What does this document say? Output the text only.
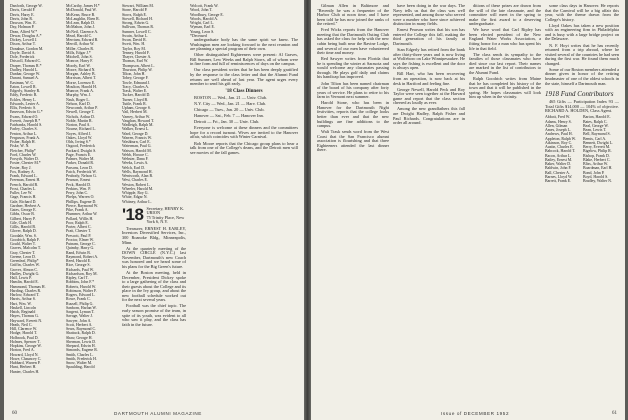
Danforth, George W.
Davis, Gerald F.
Davis, Harry E.
Davis, John R.
Dawson, Wm. E.
Day, Holman P.
Dean, Alfred W.*
Dewar, Douglas A.*
Dickey, Lowell J.
Dixon, Arthur T.
Donahue, Gordon M.
Doyle, David A.
Dole, Frederick
Driscoll, Edward C.
Draper, Thomas R.*
Dudley, Harold L.
Dunbar, George W.
Durant, Samuel A.
Eastman, W. C.
Eaton, Lowell R.
Edgerly, Stanley R.
Eddy, Frederic R.
Eckles, Henry L.
Edwards, Lester A.
Ellis, Frederic S.
Emerson, Edwin G.*
Evans, Edward O.
Everett, Joseph B.*
Fairbanks, Harold S.
Farley, Charles S.
Fenton, Arthur L.
Ferguson, Frank A.
Fisher, Ralph H.
Fiske, W. N.
Fletcher, Philip*
Ford, Charles W.
Forsyth, Walter D.
Foster, Chester M.*
Foster, Roy J.
Fox, Rodney A.
Frank, Edward L.
Freeman, Ernest H.
French, Harold B.
Frost, Charles L.
Fuller, Lee W.
Gage, Francis H.
Gale, Richard D.
Gardner, Herbert A.
Gates, George E.
Gibbs, Oscar B.
Gilbert, Harry P.
Gile, Clark H.
Gillis, Harold B.
Glover, Ralph D.
Goodale, Wm. S.
Goodrich, Ralph F.
Gould, Walter T.
Graves, Malcolm T.
Gray, Chester T.
Greene, Leon D.
Greenleaf, Philip*
Griffin, Charles W.
Grover, Almon C.
Hadley, Dwight G.
Hall, Lewis P.
Hamlin, Harold E.
Hammond, Thomas H.
Harding, Charles R.
Harlow, Edward T.
Harris, Arthur S.
Hart, Wm. W.
Haskell, Lincoln
Hatch, Reginald
Hayes, Thomas G.
Hayward, Everett N.
Heath, Neil C.
Hill, Clarence W.
Hodge, Harold T.
Holbrook, Paul D.
Holmes, Spencer T.
Hopkins, George W.
Horton, Fred A.
Howard, Lloyd N.
Howe, Chauncey C.
Hubbard, Warren P.
Hunt, Herbert H.
Hunter, Charles H.
McCarthy, James H.*
McDonald, Paul W.
McKean, Bruce B.
McLaughlin, Eben R.
McLean, Ralph D.
McMahon, John J.
McNeil, Clarence A.
Mead, Harold C.
Merriam, Edward B.
Merrill, Arthur W.
Miller, Charles R.
Mills, Edgar J.*
Mitchell, John S.
Monroe, Harry F.
Moody, Earl W.
Moore, Richard N.
Morgan, Ashley B.
Morrison, Albert T.
Morse, Lorenzo E.
Moulton, Harold H.
Munroe, Frank A.
Murphy, Wm. J.
Nash, Roger L.
Nelson, Karl D.
Newcomb, Arthur P.
Newell, George T.
Nichols, Arthur D.
Noble, Martin R.
Norton, Paul A.
Nourse, Richard L.
Noyes, Alfred J.
Oakes, Lloyd W.
Olds, Irving S.*
Osgood, Frederick
Packard, Dwight S.
Page, Francis E.
Palmer, Walter M.
Parker, Donald R.
Parsons, Leon D.
Patch, Frederick W.
Peabody, Nelson G.
Pearson, Ernest
Peck, Harold D.
Perkins, Wm. P.
Perry, John C.
Phelps, Warren O.
Phillips, Eugene D.
Pierce, Raymond W.
Pike, Frank A.
Plummer, Arthur W.
Pollard, Willis H.
Poor, Ralph E.
Porter, Albert C.
Pratt, Chester T.
Prescott, Paul P.
Proctor, Elmer W.
Putnam, George C.
Quimby, Harry G.
Rand, Edwin B.
Raymond, Robert A.
Reed, Harold E.
Rice, George S.
Richards, Paul W.
Richardson, Roy M.
Ripley, Carl T.
Robbins, John F.*
Roberts, Harold W.
Robinson, Walter F.
Rogers, Edward L.
Rowe, Frank C.
Russell, Philip G.
Sanborn, Harlan W.
Sargent, Lyman T.
Savage, Walter J.
Sawyer, John A.
Scott, Herbert A.
Sears, Raymond C.
Shattuck, Ralph D.
Shaw, George H.
Sherman, Lewis D.
Shepard, Edwin H.
Simonds, Eugene R.
Smith, Charles L.
Smith, Frederick H.
Snow, Walter M.
Spaulding, Harold
Stewart, William M.
Stone, Harold P.
Storrs, Ralph E.
Stowell, Richard H.
Strong, Edwin G.
Sullivan, Thomas R.
Sumner, Lowell C.
Swain, Arthur L.
Swan, David R.
Swett, Wm. H.
Taylor, Roy M.
Tenney, Harold F.
Thayer, Chester A.
Thomas, Earl W.
Thompson, Albert L.
Thurston, Philip W.
Tilton, John H.
Tobey, George F.
Towle, Edmund J.
Tracy, Charles A.
Trask, Walter E.
Tucker, Harold D.
Turner, Lloyd B.
Tuttle, Frank R.
Upham, George S.
Vail, Herbert M.
Varney, Arthur W.
Vaughan, Howard T.
Wadleigh, Ralph M.
Walker, Ernest L.
Ward, George D.
Warren, Francis W.
Washburn, Carl E.
Waterman, Paul G.
Watson, Harold M.
Webb, Horace C.
Webster, Dana F.
Weeks, Lewis A.
Welch, Earl D.
Wells, Raymond H.
Wentworth, Alan B.
West, Charles E.
Weston, Robert L.
Wheeler, Harold M.
Whipple, Roy G.
White, Edgar N.
Whitney, Arthur L.
'18 Secretary, HENRY K. URION
75 Trinity Place, New York 6, N.Y.

Treasurer, ERNEST H. EARLEY, Investors Diversified Services, Inc., 300 Roanoke Bldg., Minneapolis, Minn.

At the quarterly meeting of the DOWN CIRCLE (N.Y.C.) last November, Dartmouth's new Coach was honored and we heard some of his plans for the Big Green's future.

At the Boston meeting, held in December, President Dickey spoke to a large gathering of the class and their guests about the College and its place in the Ivy group, and about the new football schedule worked out for the next several years.

Football was the chief topic. The early season promise of the team, in spite of its youth, was evident to all who saw it play, and the class has faith in the future.

Wolcott, Frank W.
Wood, John T.
Woodbury, George E.
Woods, Harold A.
Wright, Carl L.
Wyman, Earl E.
Young, Leon S.
*Deceased

undergraduate body has the same spirit we knew. The Washington men are looking forward to the next reunion and are planning a special program of their own.

Other distinguished Eighteeners were present: Al Graves, Bill Sumner, Lew Weeks and Ralph Storrs, all of whom were in fine form and full of reminiscences of days on the campus.

Our class president writes that he has been deeply gratified by the response to the class letter and that the Alumni Fund returns are well ahead of last year. The agent urges every member to send his gift early.

'18 Class Dinners

BOSTON — Wed., Jan. 21 — Univ. Club.

N.Y. City — Wed., Jan. 21 — Harv. Club.

Chicago — Tues., Jan. 20 — Univ. Club.

Hanover — Sat., Feb. 7 — Hanover Inn.

Detroit — Fri., Jan. 30 — Univ. Club.

Everyone is welcome at these dinners and the committees hope for a record turnout. Wives are invited to the Hanover affair, which coincides with Winter Carnival.

Bob Moore reports that the Chicago group plans to hear a talk from one of the College's deans, and the Detroit men will see movies of the fall games.

60	DARTMOUTH ALUMNI MAGAZINE

Gilman Allen in Baltimore and "Recently he was a frequenter of the Harbor Club at noon time, and I have been told he has now joined the ranks of the retired."

Fred Wicks reports from the Hanover meeting that the Dartmouth Outing Club has asked the class for help with the new cabin being built near the Ravine Lodge, and several of our men have volunteered their time and money.

Red Sawyer writes from Florida that he is spending the winter at Sarasota and would welcome any classmates passing through. He plays golf daily and claims his handicap has improved.

John Tilton has been named chairman of the board of his company after forty years of service. He plans to retire to his farm in Vermont next summer.

Harold Stone, who has been in Hanover for the Dartmouth Night festivities, reports that the college looks better than ever and that the new buildings are fine additions to the campus.

Walt Trask sends word from the West Coast that the San Francisco alumni association is flourishing and that three Eighteeners attended the last dinner there.

have been doing in the war days. The Navy tells us that the class was well represented, and among those who served were a number who have since achieved distinction in many fields.

Ernest Pearson writes that his son has entered the College this fall, making the third generation of his family at Dartmouth.

Stan Edgerly has retired from the bank after thirty-three years and is now living at Wolfeboro on Lake Winnipesaukee. He says the fishing is excellent and the door is always open.

Bill Hart, who has been recovering from an operation, is now back at his desk in Hartford and feeling fine.

George Newell, Harold Peck and Roy Taylor were seen together at the Harvard game and report that the class section cheered as loudly as ever.

Among the new grandfathers this fall are Dwight Hadley, Ralph Fisher and Paul Richards. Congratulations are in order all around.

ditions of these prizes are drawn from the will of the late classmate, and the committee will meet in the spring to make the first award to a deserving undergraduate.

We have word that Carl Ripley has been elected president of the New England Water Works Association, a fitting honor for a man who has spent his life in that field.

The class sends its sympathy to the families of those classmates who have died since our last report. Their names are marked in the list of contributors to the Alumni Fund.

Ralph Goodrich writes from Maine that he has completed his history of the town and that it will be published in the spring. He hopes classmates will look him up when in the vicinity.

some class days in Hanover. He reports that the Carnival will be a big affair this year, with the theme drawn from the College's history.

Lloyd Oakes has taken a new position with an engineering firm in Philadelphia and is busy with a large bridge project on the Delaware.

N. F. Hoyt writes that he has recently returned from a trip abroad, where he visited several of the countries he had seen during the first war. He found them much changed.

Some of our Boston members attended a dinner given in honor of the retiring headmaster of one of the oldest schools in the state, himself a Dartmouth man.

1918 Fund Contributors

465 Gifts — Participation Index 93 — Total Gifts $14,000 — 104% of objective. RICHARD A. HOLDEN, Class Agent.

Abbott, Fred W.
Adams, Henry S.
Allen, Gilman
Ames, Joseph L.
Andrews, Paul H.
Appleton, Ralph W.
Atkinson, Roy C.
Austin, Charles E.
Babcock, Harold T.
Bacon, Arthur L.
Bailey, Ernest M.
Baker, Walter D.
Baldwin, John F.
Ball, Chester A.
Barnes, Lloyd W.
Barrett, Frank E.
Barton, Harold E.
Bates, Ralph C.
Beal, George W.
Bean, Lewis T.
Bell, Raymond S.
Bemis, Carl A.
Bennett, Dwight L.
Berry, Everett M.
Bigelow, Philip R.
Bishop, Frank D.
Blake, Herbert C.
Bliss, Arthur W.
Boardman, Earl H.
Bond, John P.
Boyd, Harold S.
Bradley, Walter N.
Issue of DECEMBER 1952	61
